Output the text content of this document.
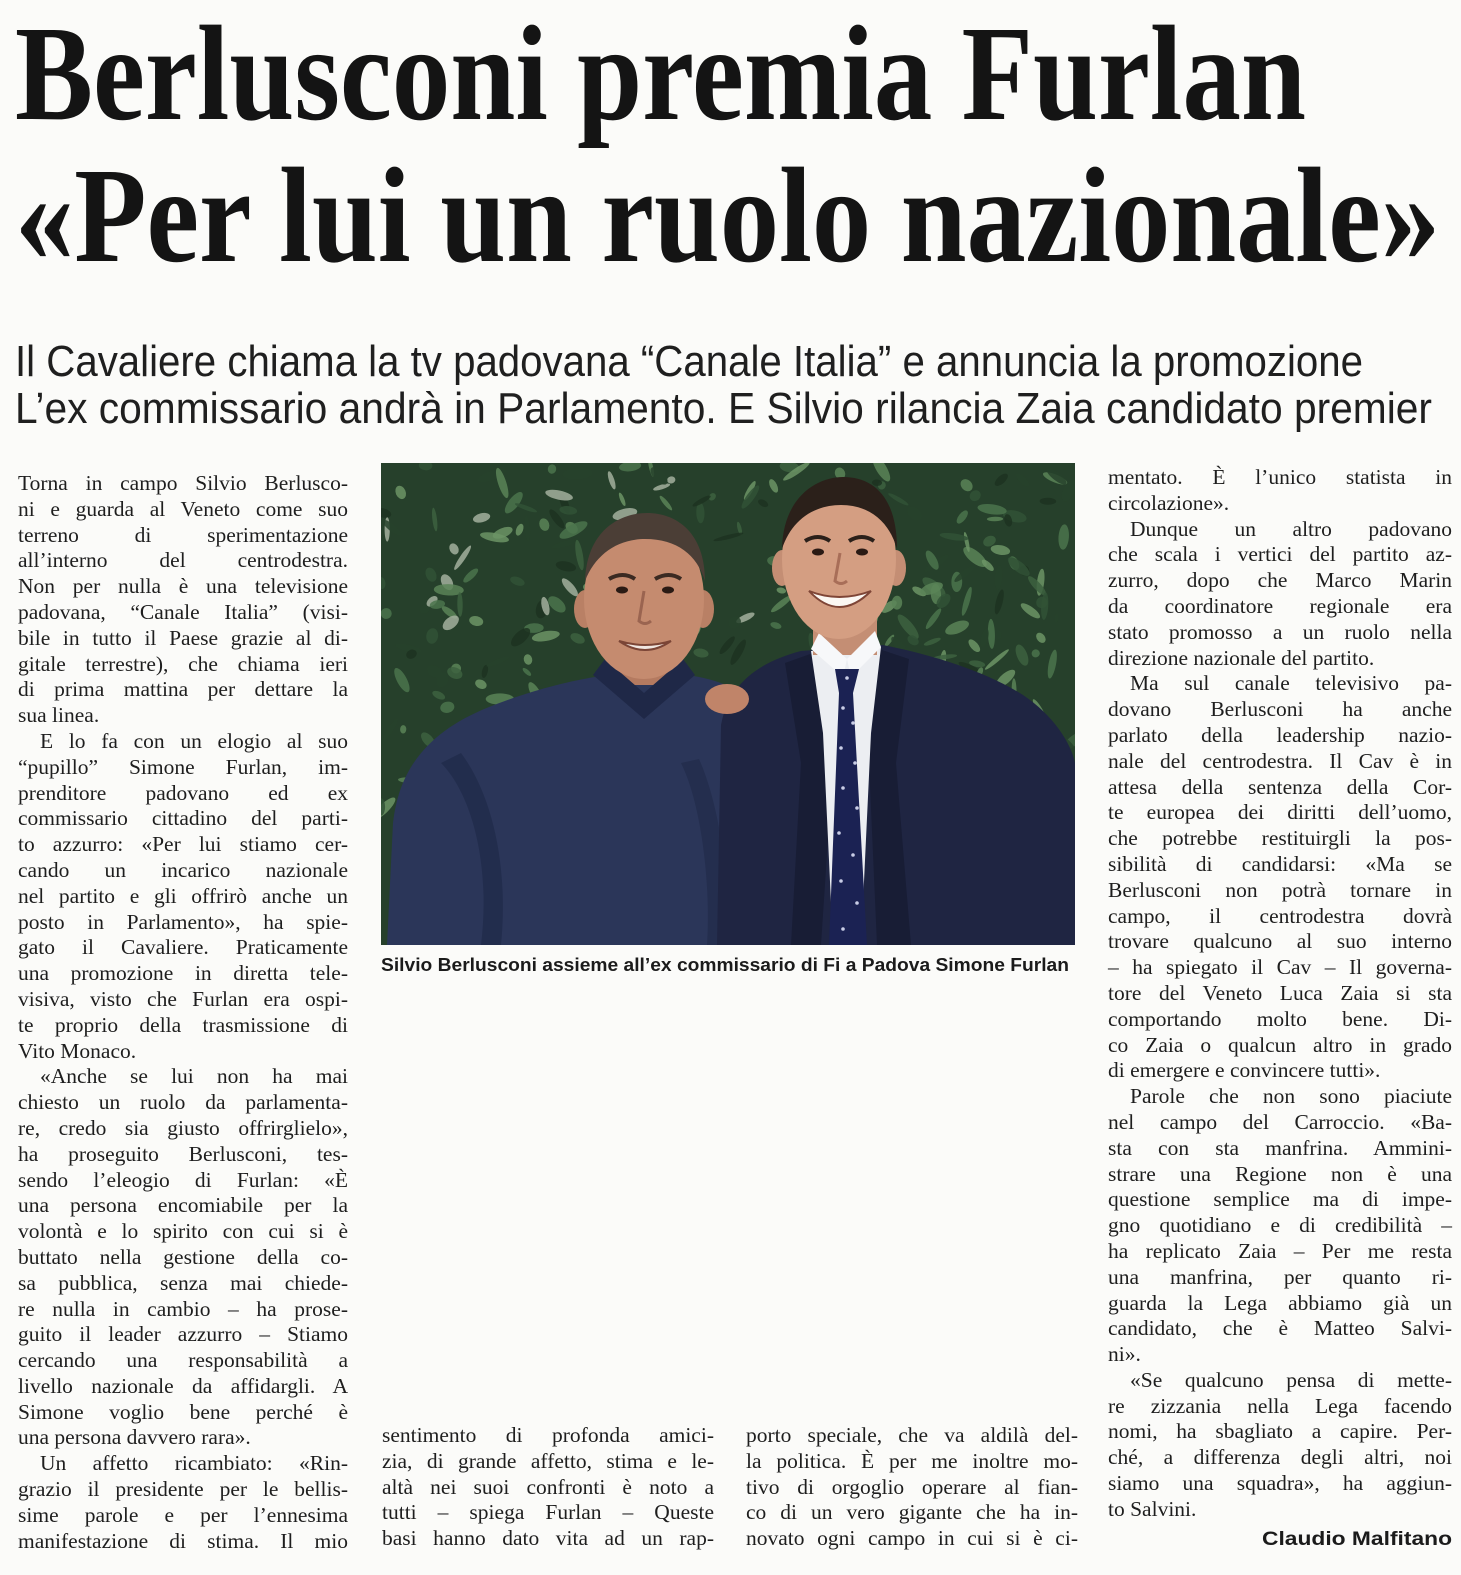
Berlusconi premia Furlan
«Per lui un ruolo nazionale»
Il Cavaliere chiama la tv padovana “Canale Italia” e annuncia la promozione
L’ex commissario andrà in Parlamento. E Silvio rilancia Zaia candidato premier
Torna in campo Silvio Berlusco-
ni e guarda al Veneto come suo
terreno di sperimentazione
all’interno del centrodestra.
Non per nulla è una televisione
padovana, “Canale Italia” (visi-
bile in tutto il Paese grazie al di-
gitale terrestre), che chiama ieri
di prima mattina per dettare la
sua linea.
E lo fa con un elogio al suo
“pupillo” Simone Furlan, im-
prenditore padovano ed ex
commissario cittadino del parti-
to azzurro: «Per lui stiamo cer-
cando un incarico nazionale
nel partito e gli offrirò anche un
posto in Parlamento», ha spie-
gato il Cavaliere. Praticamente
una promozione in diretta tele-
visiva, visto che Furlan era ospi-
te proprio della trasmissione di
Vito Monaco.
«Anche se lui non ha mai
chiesto un ruolo da parlamenta-
re, credo sia giusto offrirglielo»,
ha proseguito Berlusconi, tes-
sendo l’eleogio di Furlan: «È
una persona encomiabile per la
volontà e lo spirito con cui si è
buttato nella gestione della co-
sa pubblica, senza mai chiede-
re nulla in cambio – ha prose-
guito il leader azzurro – Stiamo
cercando una responsabilità a
livello nazionale da affidargli. A
Simone voglio bene perché è
una persona davvero rara».
Un affetto ricambiato: «Rin-
grazio il presidente per le bellis-
sime parole e per l’ennesima
manifestazione di stima. Il mio
sentimento di profonda amici-
zia, di grande affetto, stima e le-
altà nei suoi confronti è noto a
tutti – spiega Furlan – Queste
basi hanno dato vita ad un rap-
porto speciale, che va aldilà del-
la politica. È per me inoltre mo-
tivo di orgoglio operare al fian-
co di un vero gigante che ha in-
novato ogni campo in cui si è ci-
mentato. È l’unico statista in
circolazione».
Dunque un altro padovano
che scala i vertici del partito az-
zurro, dopo che Marco Marin
da coordinatore regionale era
stato promosso a un ruolo nella
direzione nazionale del partito.
Ma sul canale televisivo pa-
dovano Berlusconi ha anche
parlato della leadership nazio-
nale del centrodestra. Il Cav è in
attesa della sentenza della Cor-
te europea dei diritti dell’uomo,
che potrebbe restituirgli la pos-
sibilità di candidarsi: «Ma se
Berlusconi non potrà tornare in
campo, il centrodestra dovrà
trovare qualcuno al suo interno
– ha spiegato il Cav – Il governa-
tore del Veneto Luca Zaia si sta
comportando molto bene. Di-
co Zaia o qualcun altro in grado
di emergere e convincere tutti».
Parole che non sono piaciute
nel campo del Carroccio. «Ba-
sta con sta manfrina. Ammini-
strare una Regione non è una
questione semplice ma di impe-
gno quotidiano e di credibilità –
ha replicato Zaia – Per me resta
una manfrina, per quanto ri-
guarda la Lega abbiamo già un
candidato, che è Matteo Salvi-
ni».
«Se qualcuno pensa di mette-
re zizzania nella Lega facendo
nomi, ha sbagliato a capire. Per-
ché, a differenza degli altri, noi
siamo una squadra», ha aggiun-
to Salvini.
Silvio Berlusconi assieme all’ex commissario di Fi a Padova Simone Furlan
Claudio Malfitano
